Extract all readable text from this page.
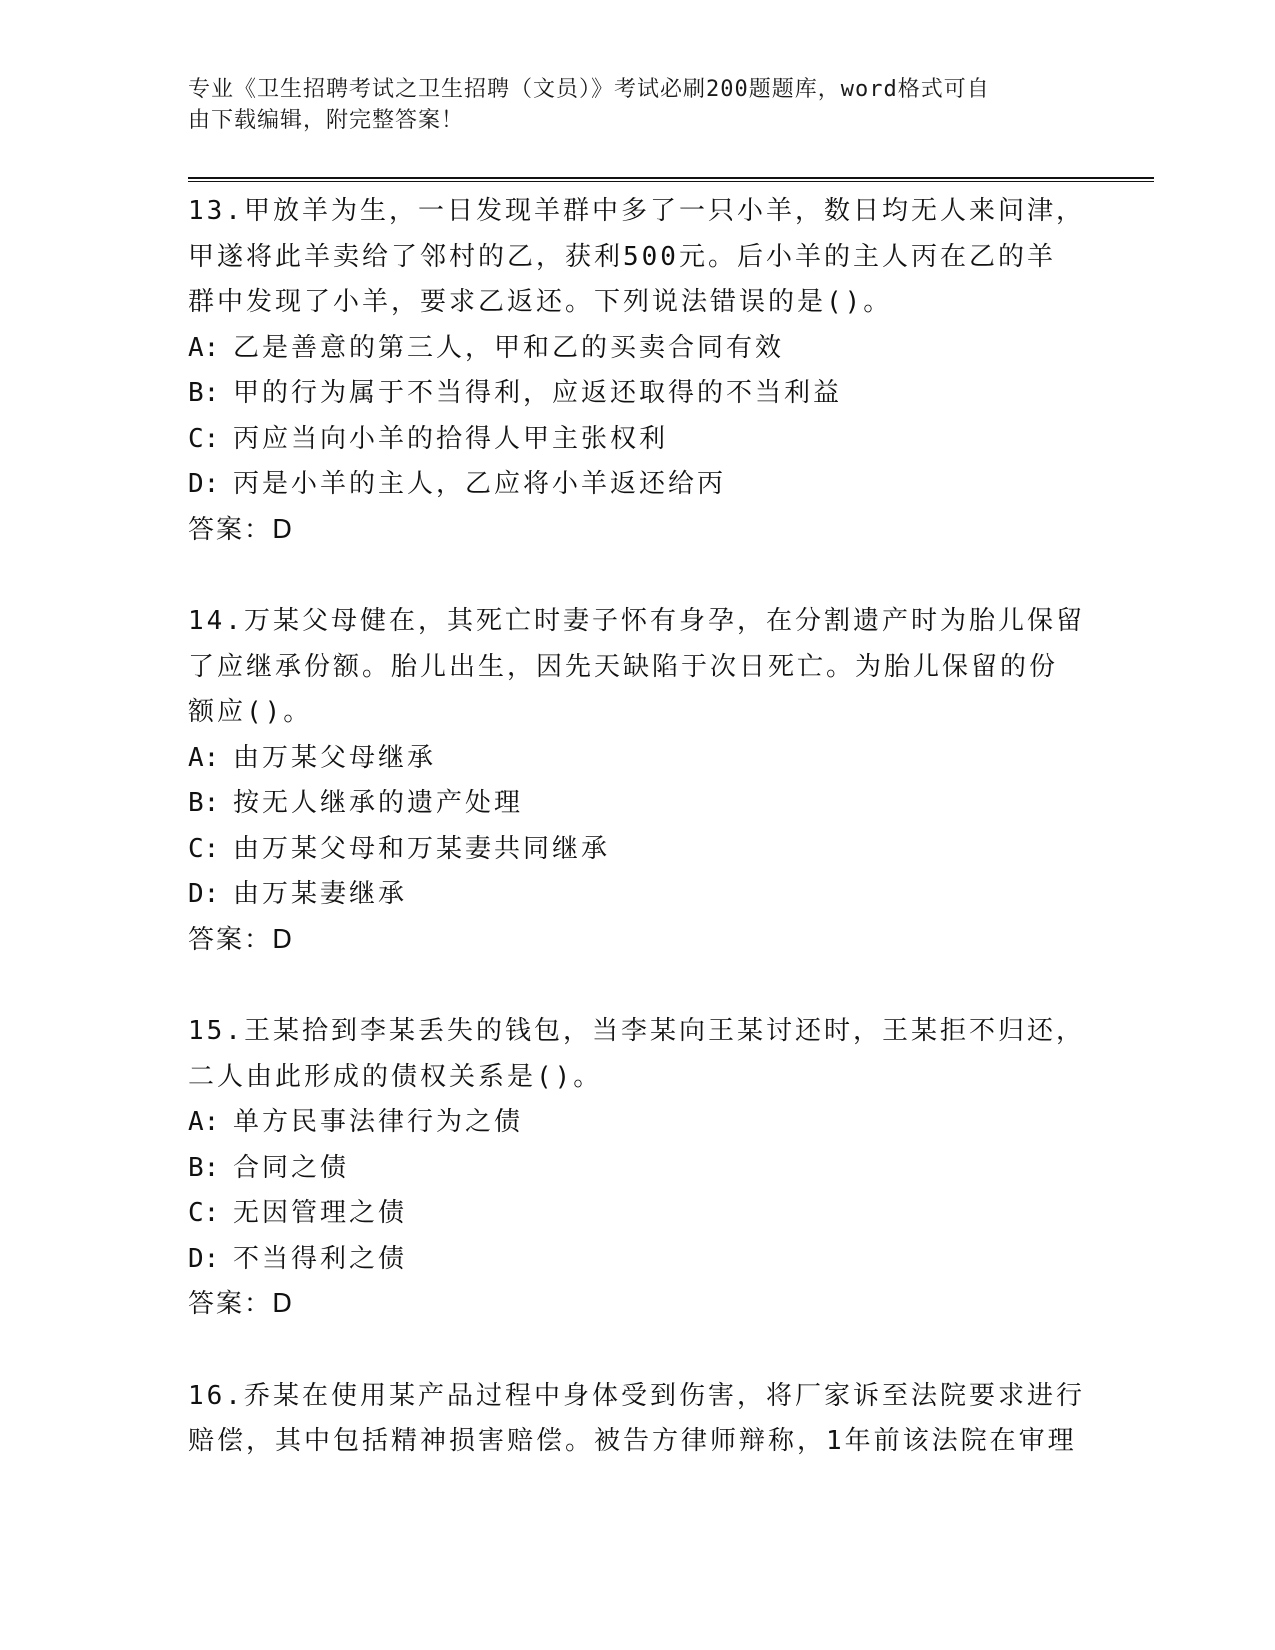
专业《卫生招聘考试之卫生招聘（文员）》考试必刷200题题库，word格式可自
由下载编辑，附完整答案！
13.甲放羊为生，一日发现羊群中多了一只小羊，数日均无人来问津，
甲遂将此羊卖给了邻村的乙，获利500元。后小羊的主人丙在乙的羊
群中发现了小羊，要求乙返还。下列说法错误的是()。
A: 乙是善意的第三人，甲和乙的买卖合同有效
B: 甲的行为属于不当得利，应返还取得的不当利益
C: 丙应当向小羊的拾得人甲主张权利
D: 丙是小羊的主人，乙应将小羊返还给丙
答案：D
14.万某父母健在，其死亡时妻子怀有身孕，在分割遗产时为胎儿保留
了应继承份额。胎儿出生，因先天缺陷于次日死亡。为胎儿保留的份
额应()。
A: 由万某父母继承
B: 按无人继承的遗产处理
C: 由万某父母和万某妻共同继承
D: 由万某妻继承
答案：D
15.王某拾到李某丢失的钱包，当李某向王某讨还时，王某拒不归还，
二人由此形成的债权关系是()。
A: 单方民事法律行为之债
B: 合同之债
C: 无因管理之债
D: 不当得利之债
答案：D
16.乔某在使用某产品过程中身体受到伤害，将厂家诉至法院要求进行
赔偿，其中包括精神损害赔偿。被告方律师辩称，1年前该法院在审理
